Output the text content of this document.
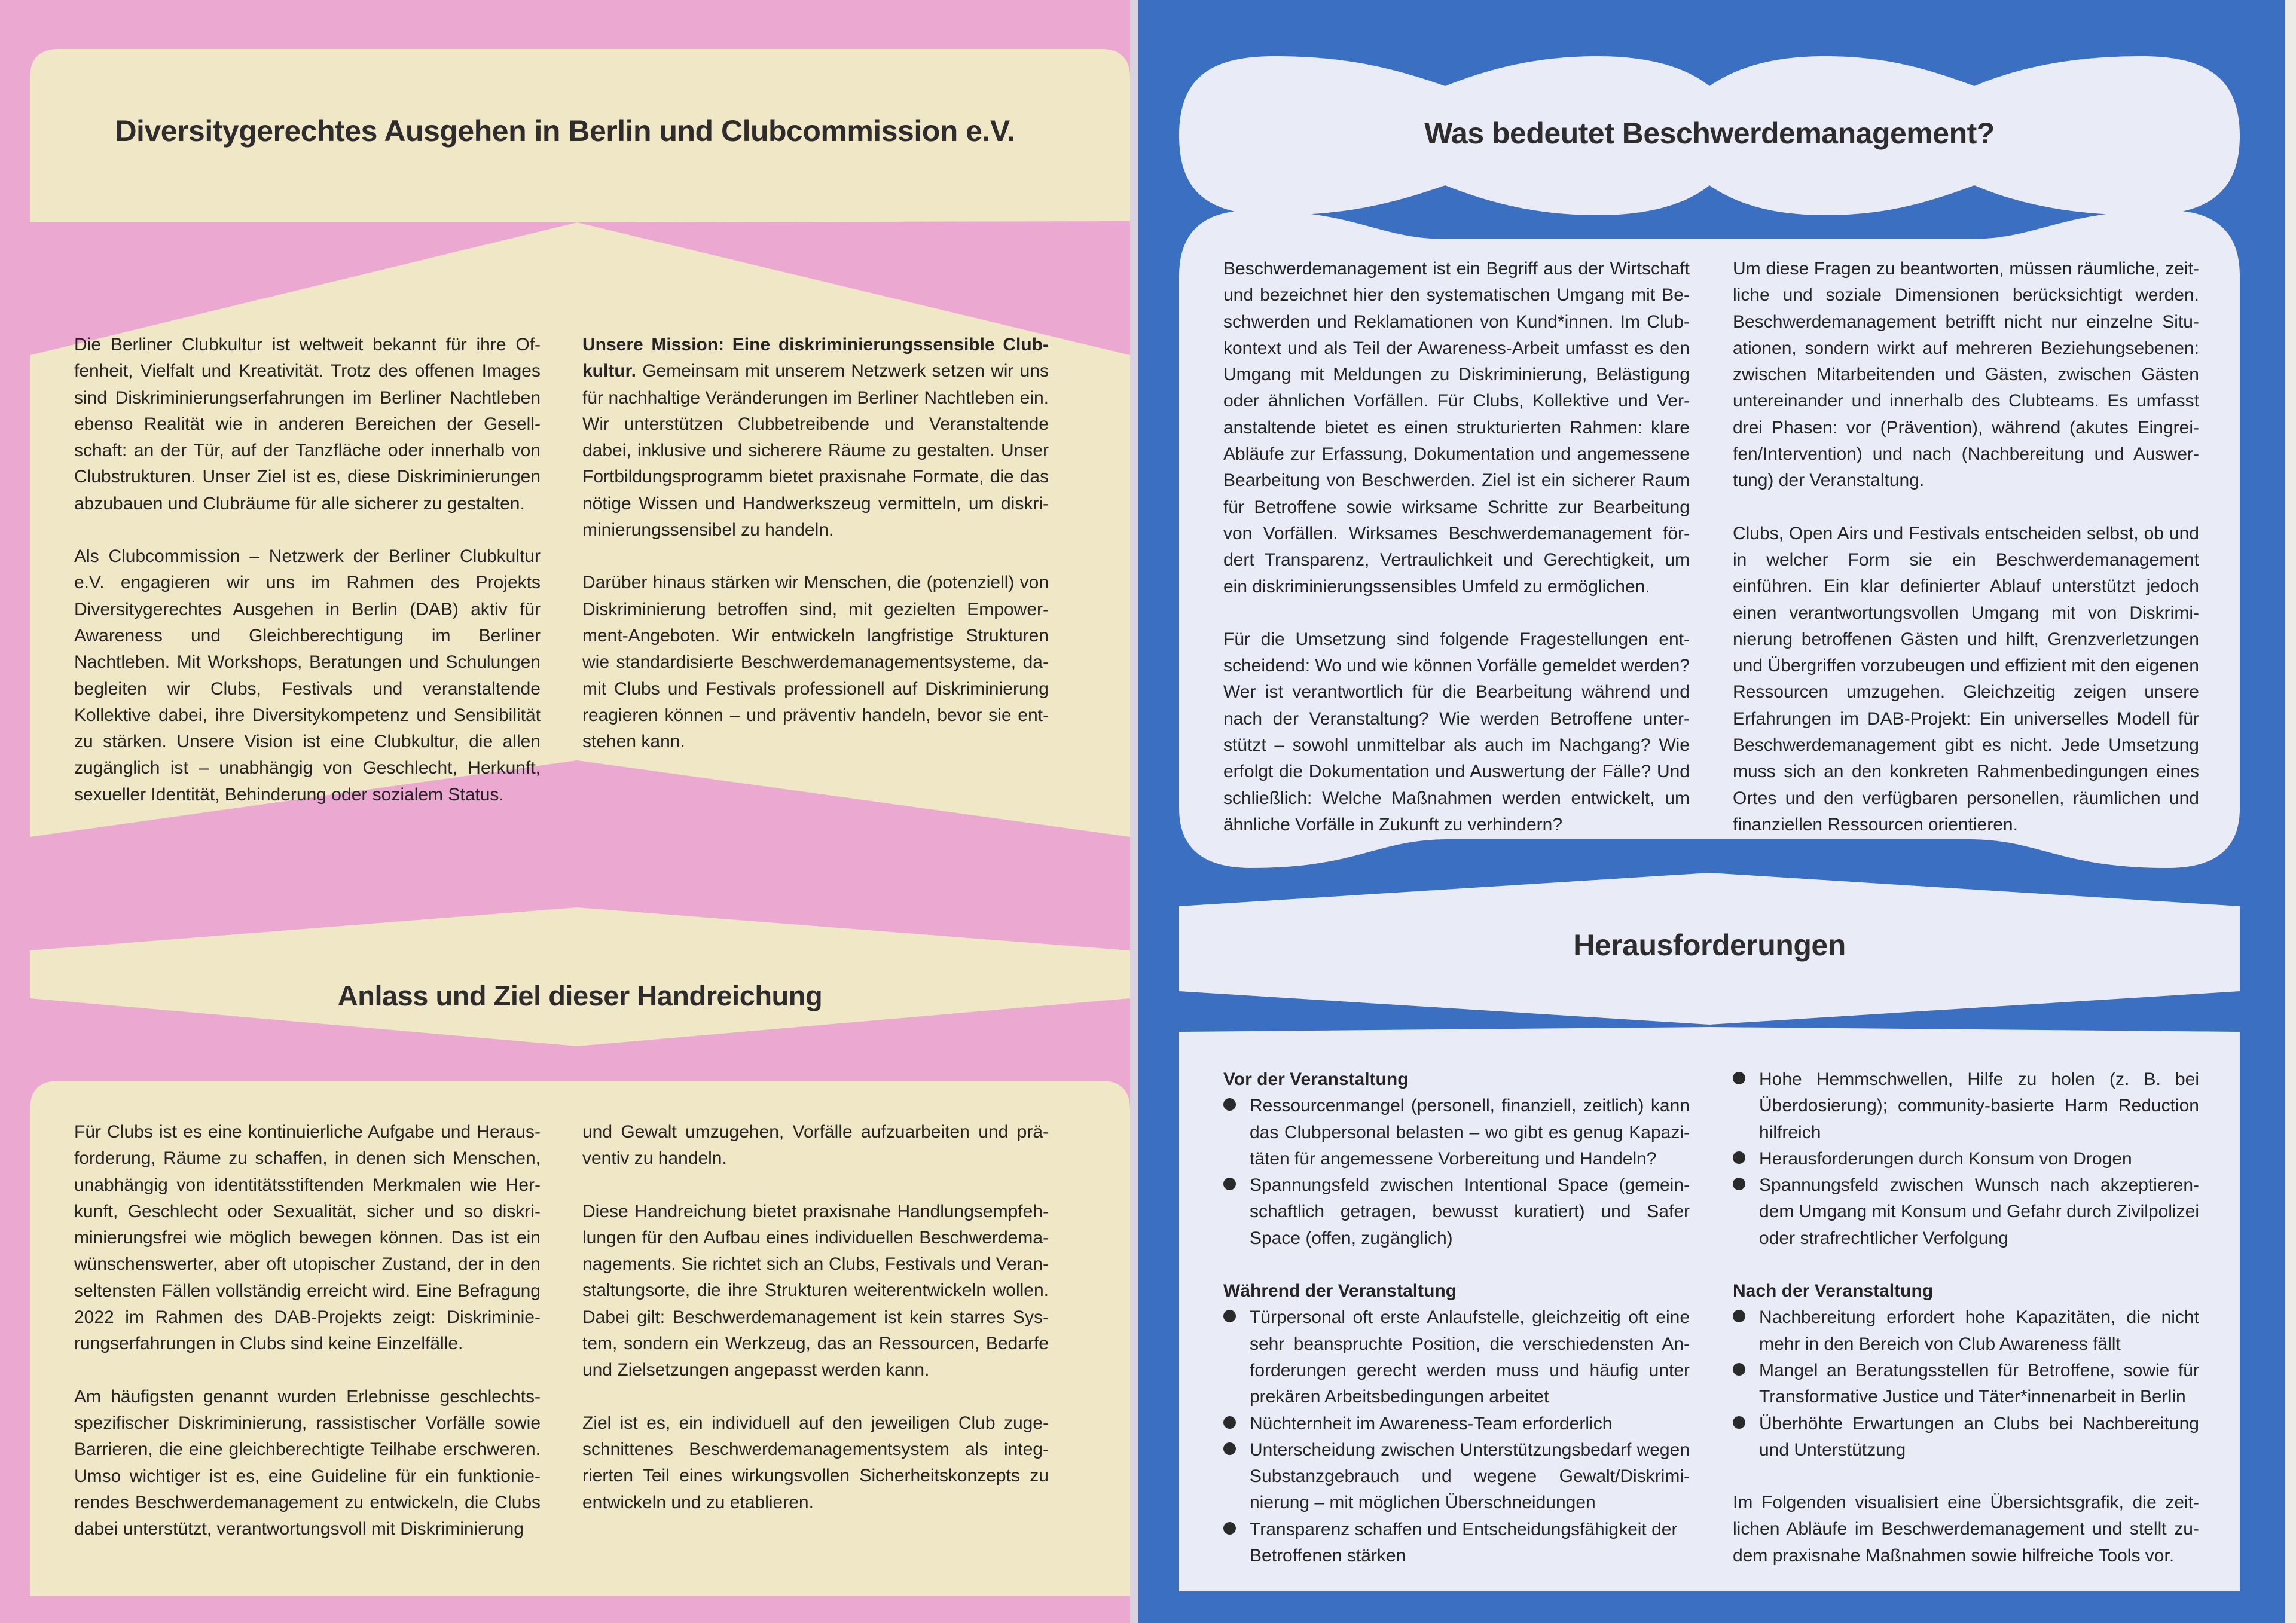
Diversitygerechtes Ausgehen in Berlin und Clubcommission e.V.

Die Berliner Clubkultur ist weltweit bekannt für ihre Offenheit, Vielfalt und Kreativität. Trotz des offenen Images sind Diskriminierungserfahrungen im Berliner Nachtleben ebenso Realität wie in anderen Bereichen der Gesellschaft: an der Tür, auf der Tanzfläche oder innerhalb von Clubstrukturen. Unser Ziel ist es, diese Diskriminierungen abzubauen und Clubräume für alle sicherer zu gestalten.

Als Clubcommission – Netzwerk der Berliner Clubkultur e.V. engagieren wir uns im Rahmen des Projekts Diversitygerechtes Ausgehen in Berlin (DAB) aktiv für Awareness und Gleichberechtigung im Berliner Nachtleben. Mit Workshops, Beratungen und Schulungen begleiten wir Clubs, Festivals und veranstaltende Kollektive dabei, ihre Diversitykompetenz und Sensibilität zu stärken. Unsere Vision ist eine Clubkultur, die allen zugänglich ist – unabhängig von Geschlecht, Herkunft, sexueller Identität, Behinderung oder sozialem Status.

Unsere Mission: Eine diskriminierungssensible Clubkultur. Gemeinsam mit unserem Netzwerk setzen wir uns für nachhaltige Veränderungen im Berliner Nachtleben ein. Wir unterstützen Clubbetreibende und Veranstaltende dabei, inklusive und sicherere Räume zu gestalten. Unser Fortbildungsprogramm bietet praxisnahe Formate, die das nötige Wissen und Handwerkszeug vermitteln, um diskriminierungssensibel zu handeln.

Darüber hinaus stärken wir Menschen, die (potenziell) von Diskriminierung betroffen sind, mit gezielten Empowerment-Angeboten. Wir entwickeln langfristige Strukturen wie standardisierte Beschwerdemanagementsysteme, damit Clubs und Festivals professionell auf Diskriminierung reagieren können – und präventiv handeln, bevor sie entstehen kann.

Anlass und Ziel dieser Handreichung

Für Clubs ist es eine kontinuierliche Aufgabe und Herausforderung, Räume zu schaffen, in denen sich Menschen, unabhängig von identitätsstiftenden Merkmalen wie Herkunft, Geschlecht oder Sexualität, sicher und so diskriminierungsfrei wie möglich bewegen können. Das ist ein wünschenswerter, aber oft utopischer Zustand, der in den seltensten Fällen vollständig erreicht wird. Eine Befragung 2022 im Rahmen des DAB-Projekts zeigt: Diskriminierungserfahrungen in Clubs sind keine Einzelfälle.

Am häufigsten genannt wurden Erlebnisse geschlechtsspezifischer Diskriminierung, rassistischer Vorfälle sowie Barrieren, die eine gleichberechtigte Teilhabe erschweren. Umso wichtiger ist es, eine Guideline für ein funktionierendes Beschwerdemanagement zu entwickeln, die Clubs dabei unterstützt, verantwortungsvoll mit Diskriminierung

und Gewalt umzugehen, Vorfälle aufzuarbeiten und präventiv zu handeln.

Diese Handreichung bietet praxisnahe Handlungsempfehlungen für den Aufbau eines individuellen Beschwerdemanagements. Sie richtet sich an Clubs, Festivals und Veranstaltungsorte, die ihre Strukturen weiterentwickeln wollen. Dabei gilt: Beschwerdemanagement ist kein starres System, sondern ein Werkzeug, das an Ressourcen, Bedarfe und Zielsetzungen angepasst werden kann.

Ziel ist es, ein individuell auf den jeweiligen Club zugeschnittenes Beschwerdemanagementsystem als integrierten Teil eines wirkungsvollen Sicherheitskonzepts zu entwickeln und zu etablieren.

Was bedeutet Beschwerdemanagement?

Beschwerdemanagement ist ein Begriff aus der Wirtschaft und bezeichnet hier den systematischen Umgang mit Beschwerden und Reklamationen von Kund*innen. Im Clubkontext und als Teil der Awareness-Arbeit umfasst es den Umgang mit Meldungen zu Diskriminierung, Belästigung oder ähnlichen Vorfällen. Für Clubs, Kollektive und Veranstaltende bietet es einen strukturierten Rahmen: klare Abläufe zur Erfassung, Dokumentation und angemessene Bearbeitung von Beschwerden. Ziel ist ein sicherer Raum für Betroffene sowie wirksame Schritte zur Bearbeitung von Vorfällen. Wirksames Beschwerdemanagement fördert Transparenz, Vertraulichkeit und Gerechtigkeit, um ein diskriminierungssensibles Umfeld zu ermöglichen.

Für die Umsetzung sind folgende Fragestellungen entscheidend: Wo und wie können Vorfälle gemeldet werden? Wer ist verantwortlich für die Bearbeitung während und nach der Veranstaltung? Wie werden Betroffene unterstützt – sowohl unmittelbar als auch im Nachgang? Wie erfolgt die Dokumentation und Auswertung der Fälle? Und schließlich: Welche Maßnahmen werden entwickelt, um ähnliche Vorfälle in Zukunft zu verhindern?

Um diese Fragen zu beantworten, müssen räumliche, zeitliche und soziale Dimensionen berücksichtigt werden. Beschwerdemanagement betrifft nicht nur einzelne Situationen, sondern wirkt auf mehreren Beziehungsebenen: zwischen Mitarbeitenden und Gästen, zwischen Gästen untereinander und innerhalb des Clubteams. Es umfasst drei Phasen: vor (Prävention), während (akutes Eingreifen/Intervention) und nach (Nachbereitung und Auswertung) der Veranstaltung.

Clubs, Open Airs und Festivals entscheiden selbst, ob und in welcher Form sie ein Beschwerdemanagement einführen. Ein klar definierter Ablauf unterstützt jedoch einen verantwortungsvollen Umgang mit von Diskriminierung betroffenen Gästen und hilft, Grenzverletzungen und Übergriffen vorzubeugen und effizient mit den eigenen Ressourcen umzugehen. Gleichzeitig zeigen unsere Erfahrungen im DAB-Projekt: Ein universelles Modell für Beschwerdemanagement gibt es nicht. Jede Umsetzung muss sich an den konkreten Rahmenbedingungen eines Ortes und den verfügbaren personellen, räumlichen und finanziellen Ressourcen orientieren.

Herausforderungen

Vor der Veranstaltung

Ressourcenmangel (personell, finanziell, zeitlich) kann das Clubpersonal belasten – wo gibt es genug Kapazitäten für angemessene Vorbereitung und Handeln?
Spannungsfeld zwischen Intentional Space (gemeinschaftlich getragen, bewusst kuratiert) und Safer Space (offen, zugänglich)

Während der Veranstaltung

Türpersonal oft erste Anlaufstelle, gleichzeitig oft eine sehr beanspruchte Position, die verschiedensten Anforderungen gerecht werden muss und häufig unter prekären Arbeitsbedingungen arbeitet
Nüchternheit im Awareness-Team erforderlich
Unterscheidung zwischen Unterstützungsbedarf wegen Substanzgebrauch und wegene Gewalt/Diskriminierung – mit möglichen Überschneidungen
Transparenz schaffen und Entscheidungsfähigkeit der Betroffenen stärken
Hohe Hemmschwellen, Hilfe zu holen (z. B. bei Überdosierung); community-basierte Harm Reduction hilfreich
Herausforderungen durch Konsum von Drogen
Spannungsfeld zwischen Wunsch nach akzeptierendem Umgang mit Konsum und Gefahr durch Zivilpolizei oder strafrechtlicher Verfolgung

Nach der Veranstaltung

Nachbereitung erfordert hohe Kapazitäten, die nicht mehr in den Bereich von Club Awareness fällt
Mangel an Beratungsstellen für Betroffene, sowie für Transformative Justice und Täter*innenarbeit in Berlin
Überhöhte Erwartungen an Clubs bei Nachbereitung und Unterstützung

Im Folgenden visualisiert eine Übersichtsgrafik, die zeitlichen Abläufe im Beschwerdemanagement und stellt zudem praxisnahe Maßnahmen sowie hilfreiche Tools vor.
